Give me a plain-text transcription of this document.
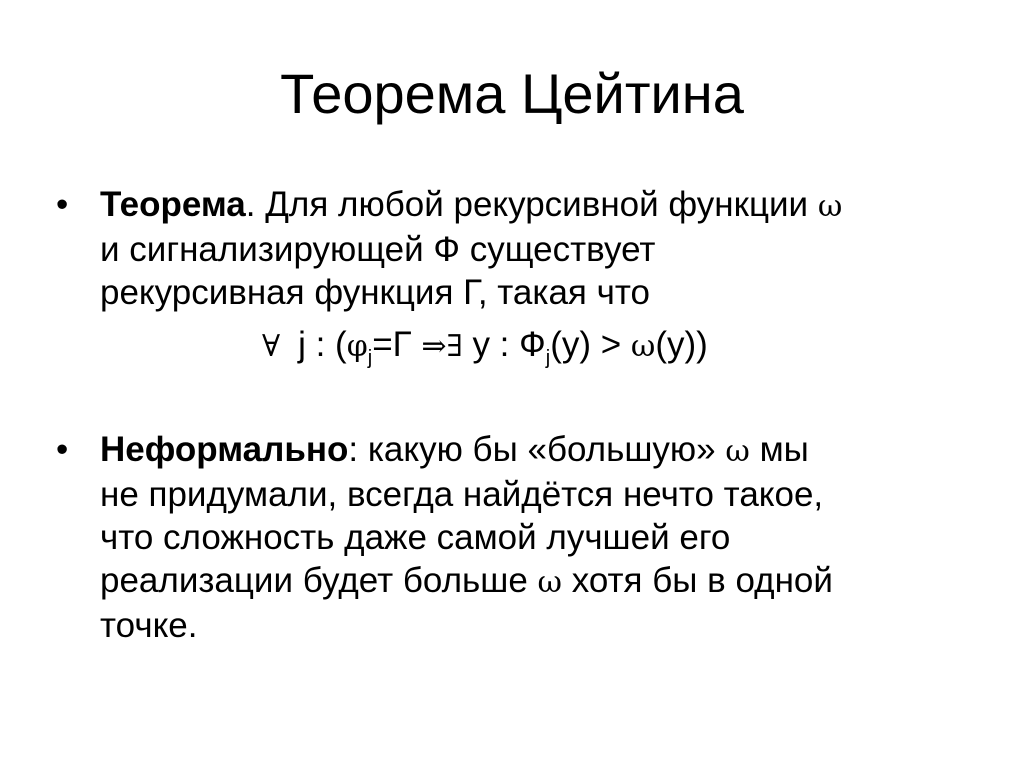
Теорема Цейтина
• Теорема. Для любой рекурсивной функции ω
и сигнализирующей Ф существует
рекурсивная функция Г, такая что
∀ j : ($\varphi_j=Г$ ⇒∃ y : $Ф_j(y) > \omega(y)$)
• Неформально: какую бы «большую» ω мы
не придумали, всегда найдётся нечто такое,
что сложность даже самой лучшей его
реализации будет больше ω хотя бы в одной
точке.
